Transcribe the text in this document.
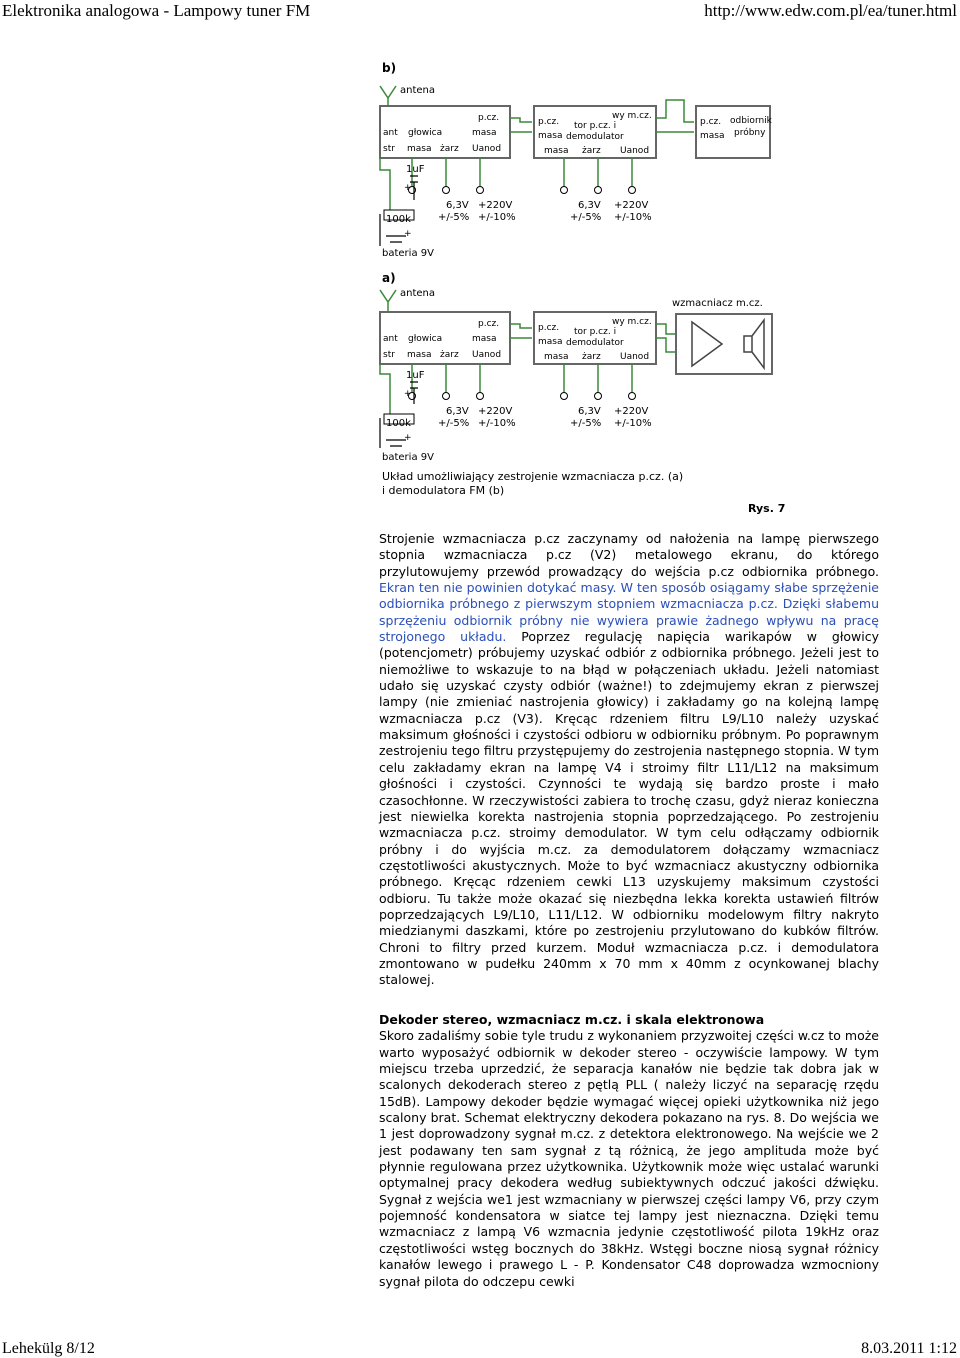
Elektronika analogowa - Lampowy tuner FM	http://www.edw.com.pl/ea/tuner.html
b)
antena
p.cz.
ant głowica	masa
str masa żarz Uanod
wy m.cz.
p.cz. tor p.cz. i
masa demodulator
masa żarz Uanod
p.cz. odbiornik
próbny
masa
1uF
+
100k
+
bateria 9V
6,3V +220V
+/-5% +/-10%
6,3V +220V
+/-5% +/-10%
a)
antena
wzmacniacz m.cz.
p.cz.
ant głowica	masa
str masa żarz Uanod
wy m.cz.
p.cz. tor p.cz. i
masa demodulator
masa żarz Uanod
1uF
+
100k
+
bateria 9V
6,3V +220V
+/-5% +/-10%
6,3V +220V
+/-5% +/-10%
Układ umożliwiający zestrojenie wzmacniacza p.cz. (a)
i demodulatora FM (b)
Rys. 7
Strojenie wzmacniacza p.cz zaczynamy od nałożenia na lampę pierwszego stopnia wzmacniacza p.cz (V2) metalowego ekranu, do którego przylutowujemy przewód prowadzący do wejścia p.cz odbiornika próbnego. Ekran ten nie powinien dotykać masy. W ten sposób osiągamy słabe sprzężenie odbiornika próbnego z pierwszym stopniem wzmacniacza p.cz. Dzięki słabemu sprzężeniu odbiornik próbny nie wywiera prawie żadnego wpływu na pracę strojonego układu. Poprzez regulację napięcia warikapów w głowicy (potencjometr) próbujemy uzyskać odbiór z odbiornika próbnego. Jeżeli jest to niemożliwe to wskazuje to na błąd w połączeniach układu. Jeżeli natomiast udało się uzyskać czysty odbiór (ważne!) to zdejmujemy ekran z pierwszej lampy (nie zmieniać nastrojenia głowicy) i zakładamy go na kolejną lampę wzmacniacza p.cz (V3). Kręcąc rdzeniem filtru L9/L10 należy uzyskać maksimum głośności i czystości odbioru w odbiorniku próbnym. Po poprawnym zestrojeniu tego filtru przystępujemy do zestrojenia następnego stopnia. W tym celu zakładamy ekran na lampę V4 i stroimy filtr L11/L12 na maksimum głośności i czystości. Czynności te wydają się bardzo proste i mało czasochłonne. W rzeczywistości zabiera to trochę czasu, gdyż nieraz konieczna jest niewielka korekta nastrojenia stopnia poprzedzającego. Po zestrojeniu wzmacniacza p.cz. stroimy demodulator. W tym celu odłączamy odbiornik próbny i do wyjścia m.cz. za demodulatorem dołączamy wzmacniacz częstotliwości akustycznych. Może to być wzmacniacz akustyczny odbiornika próbnego. Kręcąc rdzeniem cewki L13 uzyskujemy maksimum czystości odbioru. Tu także może okazać się niezbędna lekka korekta ustawień filtrów poprzedzających L9/L10, L11/L12. W odbiorniku modelowym filtry nakryto miedzianymi daszkami, które po zestrojeniu przylutowano do kubków filtrów. Chroni to filtry przed kurzem. Moduł wzmacniacza p.cz. i demodulatora zmontowano w pudełku 240mm x 70 mm x 40mm z ocynkowanej blachy stalowej.
Dekoder stereo, wzmacniacz m.cz. i skala elektronowa
Skoro zadaliśmy sobie tyle trudu z wykonaniem przyzwoitej części w.cz to może warto wyposażyć odbiornik w dekoder stereo - oczywiście lampowy. W tym miejscu trzeba uprzedzić, że separacja kanałów nie będzie tak dobra jak w scalonych dekoderach stereo z pętlą PLL ( należy liczyć na separację rzędu 15dB). Lampowy dekoder będzie wymagać więcej opieki użytkownika niż jego scalony brat. Schemat elektryczny dekodera pokazano na rys. 8. Do wejścia we 1 jest doprowadzony sygnał m.cz. z detektora elektronowego. Na wejście we 2 jest podawany ten sam sygnał z tą różnicą, że jego amplituda może być płynnie regulowana przez użytkownika. Użytkownik może więc ustalać warunki optymalnej pracy dekodera według subiektywnych odczuć jakości dźwięku. Sygnał z wejścia we1 jest wzmacniany w pierwszej części lampy V6, przy czym pojemność kondensatora w siatce tej lampy jest nieznaczna. Dzięki temu wzmacniacz z lampą V6 wzmacnia jedynie częstotliwość pilota 19kHz oraz częstotliwości wstęg bocznych do 38kHz. Wstęgi boczne niosą sygnał różnicy kanałów lewego i prawego L - P. Kondensator C48 doprowadza wzmocniony sygnał pilota do odczepu cewki
Lehekülg 8/12	8.03.2011 1:12
